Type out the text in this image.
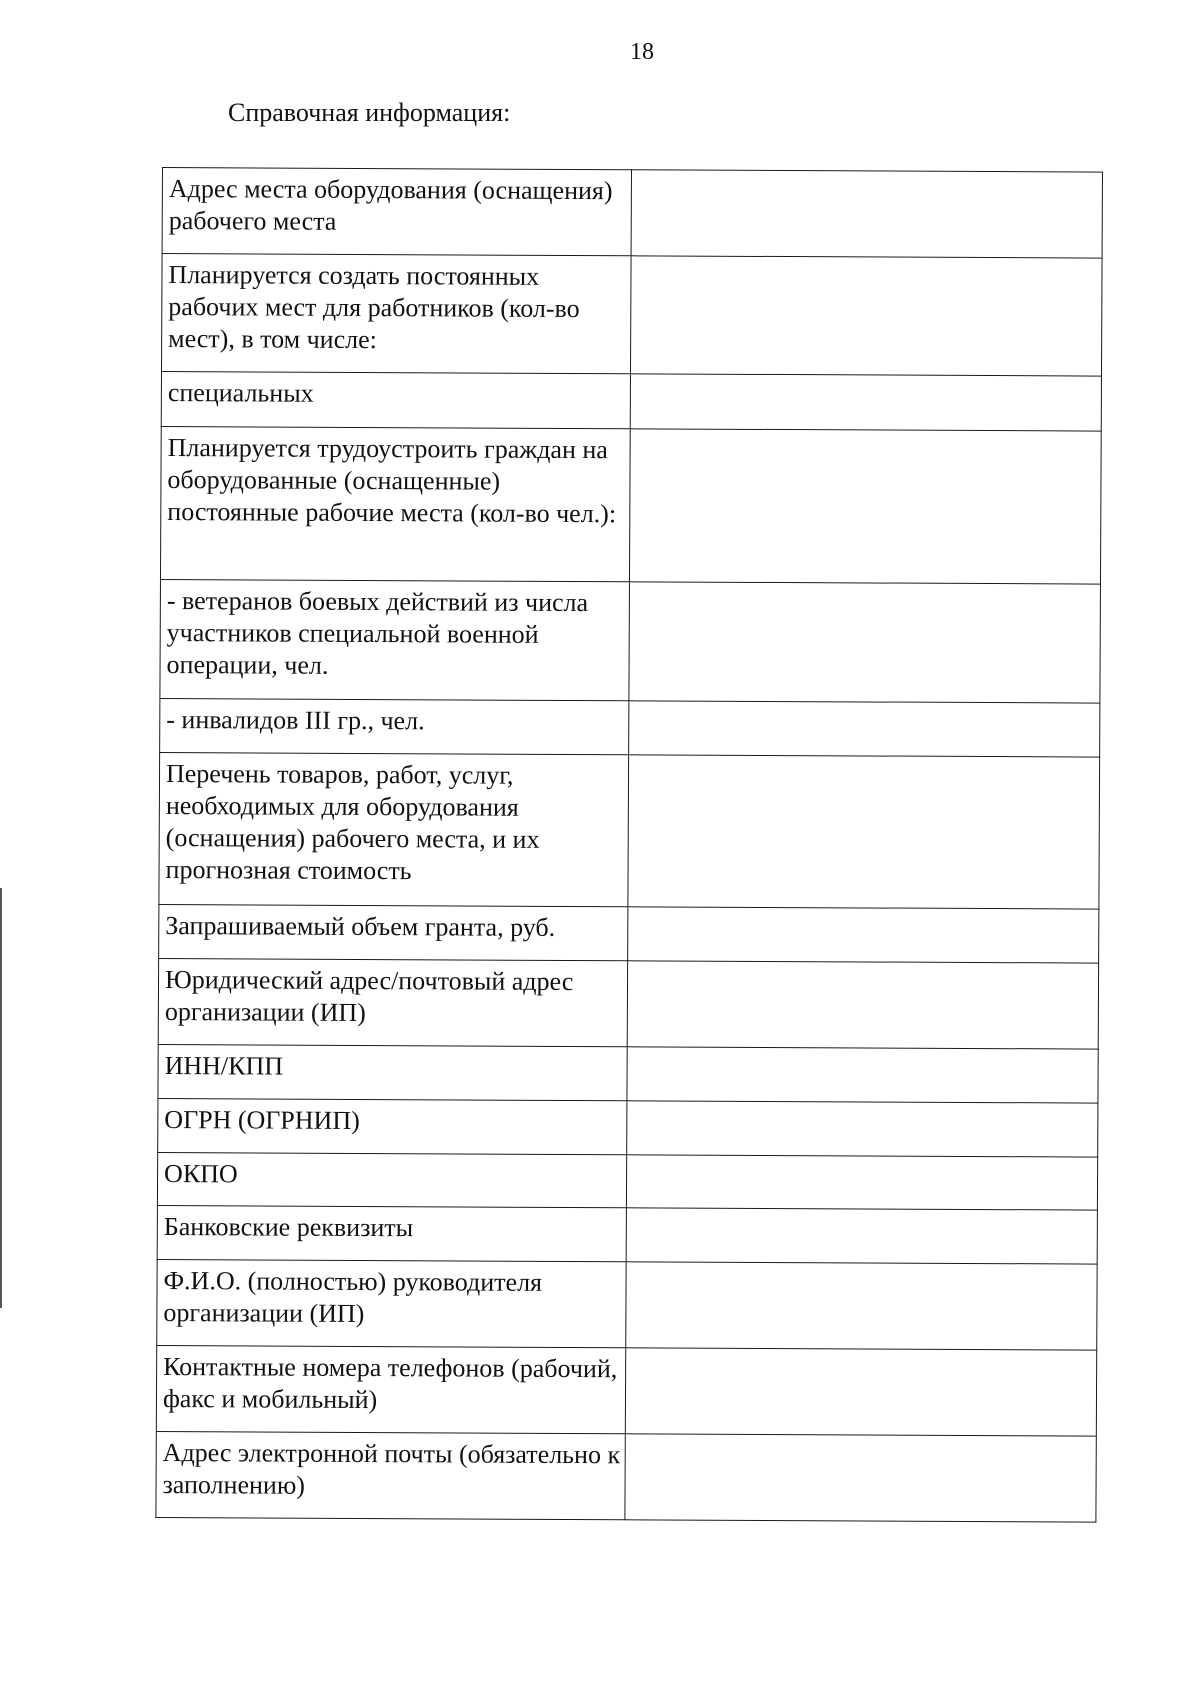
18
Справочная информация:
Адрес места оборудования (оснащения) рабочего места	
Планируется создать постоянных рабочих мест для работников (кол-во мест), в том числе:	
специальных	
Планируется трудоустроить граждан на оборудованные (оснащенные) постоянные рабочие места (кол-во чел.):	
- ветеранов боевых действий из числа участников специальной военной операции, чел.	
- инвалидов III гр., чел.	
Перечень товаров, работ, услуг, необходимых для оборудования (оснащения) рабочего места, и их прогнозная стоимость	
Запрашиваемый объем гранта, руб.	
Юридический адрес/почтовый адрес организации (ИП)	
ИНН/КПП	
ОГРН (ОГРНИП)	
ОКПО	
Банковские реквизиты	
Ф.И.О. (полностью) руководителя организации (ИП)	
Контактные номера телефонов (рабочий, факс и мобильный)	
Адрес электронной почты (обязательно к заполнению)	
